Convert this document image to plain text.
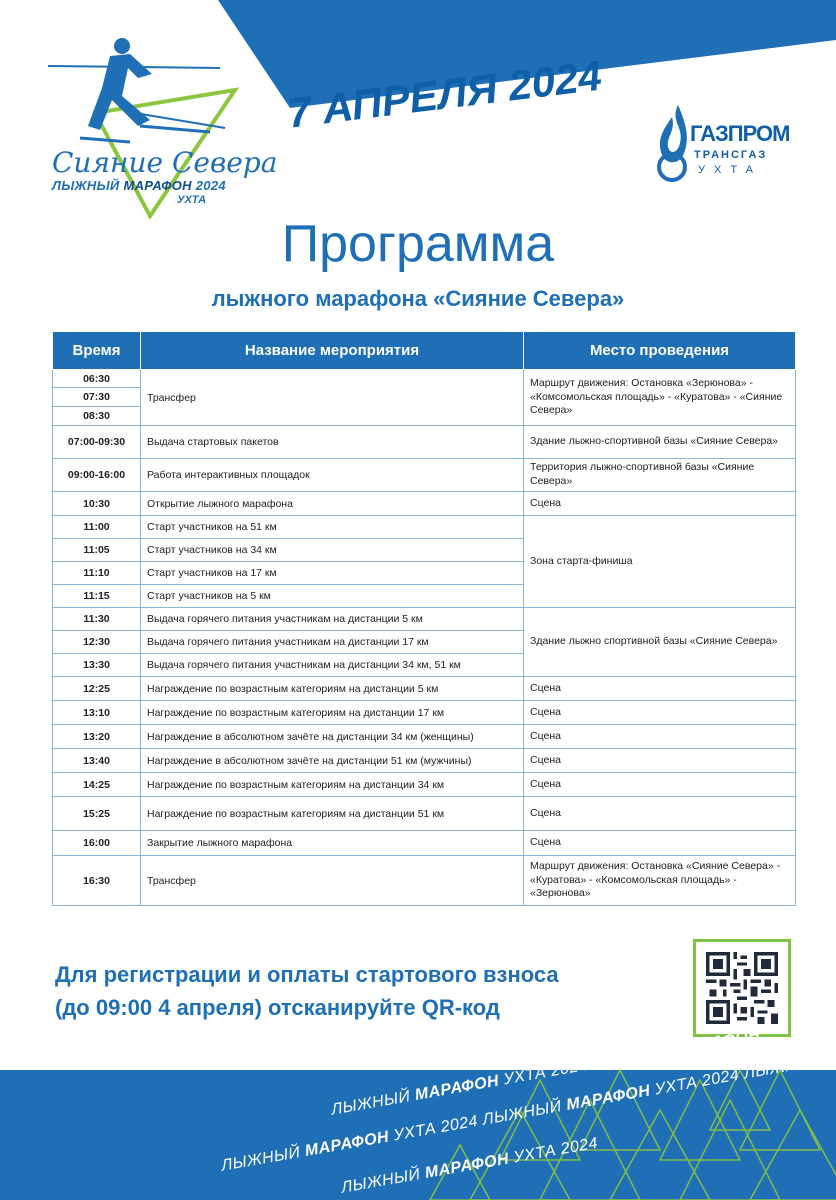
Сияние Севера
ЛЫЖНЫЙ МАРАФОН 2024
УХТА
7 АПРЕЛЯ 2024	ГАЗПРОМ
ТРАНСГАЗ
УХТА
Программа
лыжного марафона «Сияние Севера»
Время	Название мероприятия	Место проведения
06:30	Трансфер	Маршрут движения: Остановка «Зерюнова» - «Комсомольская площадь» - «Куратова» - «Сияние Севера»
07:30		
08:30		
07:00-09:30	Выдача стартовых пакетов	Здание лыжно-спортивной базы «Сияние Севера»
09:00-16:00	Работа интерактивных площадок	Территория лыжно-спортивной базы «Сияние Севера»
10:30	Открытие лыжного марафона	Сцена
11:00	Старт участников на 51 км	Зона старта-финиша
11:05	Старт участников на 34 км	
11:10	Старт участников на 17 км	
11:15	Старт участников на 5 км	
11:30	Выдача горячего питания участникам на дистанции 5 км	Здание лыжно спортивной базы «Сияние Севера»
12:30	Выдача горячего питания участникам на дистанции 17 км	
13:30	Выдача горячего питания участникам на дистанции 34 км, 51 км	
12:25	Награждение по возрастным категориям на дистанции 5 км	Сцена
13:10	Награждение по возрастным категориям на дистанции 17 км	Сцена
13:20	Награждение в абсолютном зачёте на дистанции 34 км (женщины)	Сцена
13:40	Награждение в абсолютном зачёте на дистанции 51 км (мужчины)	Сцена
14:25	Награждение по возрастным категориям на дистанции 34 км	Сцена
15:25	Награждение по возрастным категориям на дистанции 51 км	Сцена
16:00	Закрытие лыжного марафона	Сцена
16:30	Трансфер	Маршрут движения: Остановка «Сияние Севера» - «Куратова» - «Комсомольская площадь» - «Зерюнова»
Для регистрации и оплаты стартового взноса
(до 09:00 4 апреля) отсканируйте QR-код
ЛЫЖНЫЙ МАРАФОН УХТА 2024 ЛЫЖНЫЙ МАРАФОН
ЛЫЖНЫЙ МАРАФОН УХТА 2024 ЛЫЖНЫЙ МАРАФОН УХТА 2024 ЛЫЖНЫЙ
ЛЫЖНЫЙ МАРАФОН УХТА 2024
